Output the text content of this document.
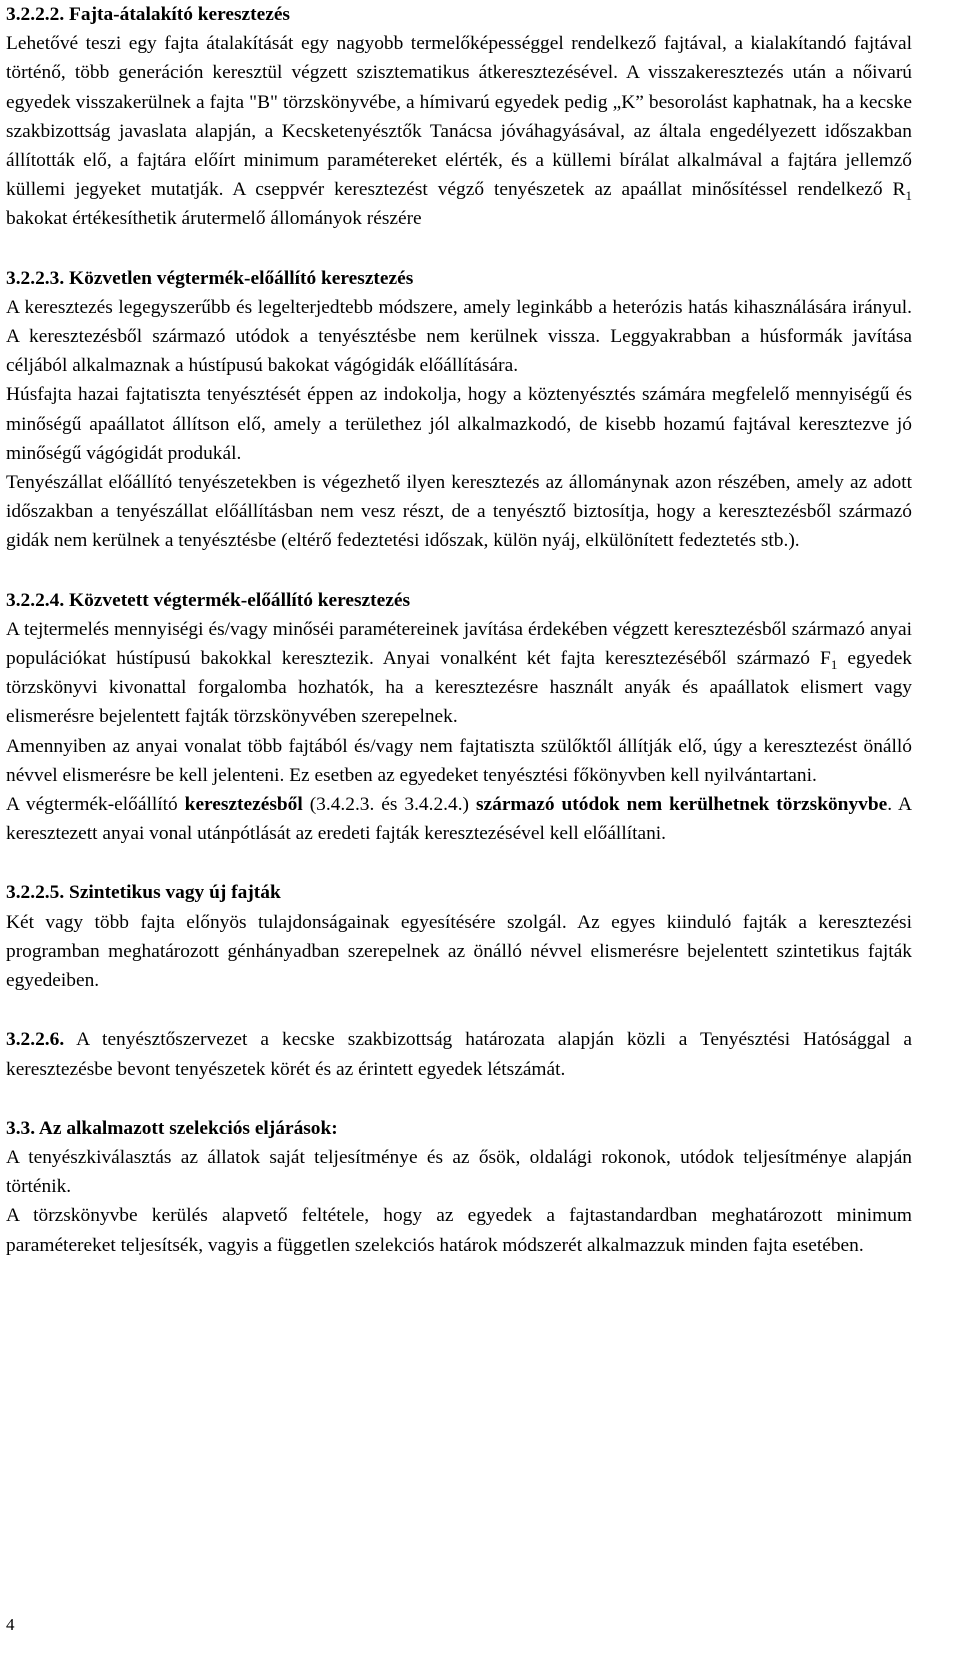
3.2.2.2. Fajta-átalakító keresztezés

Lehetővé teszi egy fajta átalakítását egy nagyobb termelőképességgel rendelkező fajtával, a kialakítandó fajtával történő, több generáción keresztül végzett szisztematikus átkeresztezésével. A visszakeresztezés után a nőivarú egyedek visszakerülnek a fajta "B" törzskönyvébe, a hímivarú egyedek pedig „K” besorolást kaphatnak, ha a kecske szakbizottság javaslata alapján, a Kecsketenyésztők Tanácsa jóváhagyásával, az általa engedélyezett időszakban állították elő, a fajtára előírt minimum paramétereket elérték, és a küllemi bírálat alkalmával a fajtára jellemző küllemi jegyeket mutatják. A cseppvér keresztezést végző tenyészetek az apaállat minősítéssel rendelkező $R_1$ bakokat értékesíthetik árutermelő állományok részére

3.2.2.3. Közvetlen végtermék-előállító keresztezés

A keresztezés legegyszerűbb és legelterjedtebb módszere, amely leginkább a heterózis hatás kihasználására irányul. A keresztezésből származó utódok a tenyésztésbe nem kerülnek vissza. Leggyakrabban a húsformák javítása céljából alkalmaznak a hústípusú bakokat vágógidák előállítására.

Húsfajta hazai fajtatiszta tenyésztését éppen az indokolja, hogy a köztenyésztés számára megfelelő mennyiségű és minőségű apaállatot állítson elő, amely a területhez jól alkalmazkodó, de kisebb hozamú fajtával keresztezve jó minőségű vágógidát produkál.

Tenyészállat előállító tenyészetekben is végezhető ilyen keresztezés az állománynak azon részében, amely az adott időszakban a tenyészállat előállításban nem vesz részt, de a tenyésztő biztosítja, hogy a keresztezésből származó gidák nem kerülnek a tenyésztésbe (eltérő fedeztetési időszak, külön nyáj, elkülönített fedeztetés stb.).

3.2.2.4. Közvetett végtermék-előállító keresztezés

A tejtermelés mennyiségi és/vagy minőséi paramétereinek javítása érdekében végzett keresztezésből származó anyai populációkat hústípusú bakokkal keresztezik. Anyai vonalként két fajta keresztezéséből származó $F_1$ egyedek törzskönyvi kivonattal forgalomba hozhatók, ha a keresztezésre használt anyák és apaállatok elismert vagy elismerésre bejelentett fajták törzskönyvében szerepelnek.

Amennyiben az anyai vonalat több fajtából és/vagy nem fajtatiszta szülőktől állítják elő, úgy a keresztezést önálló névvel elismerésre be kell jelenteni. Ez esetben az egyedeket tenyésztési főkönyvben kell nyilvántartani.

A végtermék-előállító keresztezésből (3.4.2.3. és 3.4.2.4.) származó utódok nem kerülhetnek törzskönyvbe. A keresztezett anyai vonal utánpótlását az eredeti fajták keresztezésével kell előállítani.

3.2.2.5. Szintetikus vagy új fajták

Két vagy több fajta előnyös tulajdonságainak egyesítésére szolgál. Az egyes kiinduló fajták a keresztezési programban meghatározott génhányadban szerepelnek az önálló névvel elismerésre bejelentett szintetikus fajták egyedeiben.

3.2.2.6. A tenyésztőszervezet a kecske szakbizottság határozata alapján közli a Tenyésztési Hatósággal a keresztezésbe bevont tenyészetek körét és az érintett egyedek létszámát.

3.3. Az alkalmazott szelekciós eljárások:

A tenyészkiválasztás az állatok saját teljesítménye és az ősök, oldalági rokonok, utódok teljesítménye alapján történik.

A törzskönyvbe kerülés alapvető feltétele, hogy az egyedek a fajtastandardban meghatározott minimum paramétereket teljesítsék, vagyis a független szelekciós határok módszerét alkalmazzuk minden fajta esetében.

4
